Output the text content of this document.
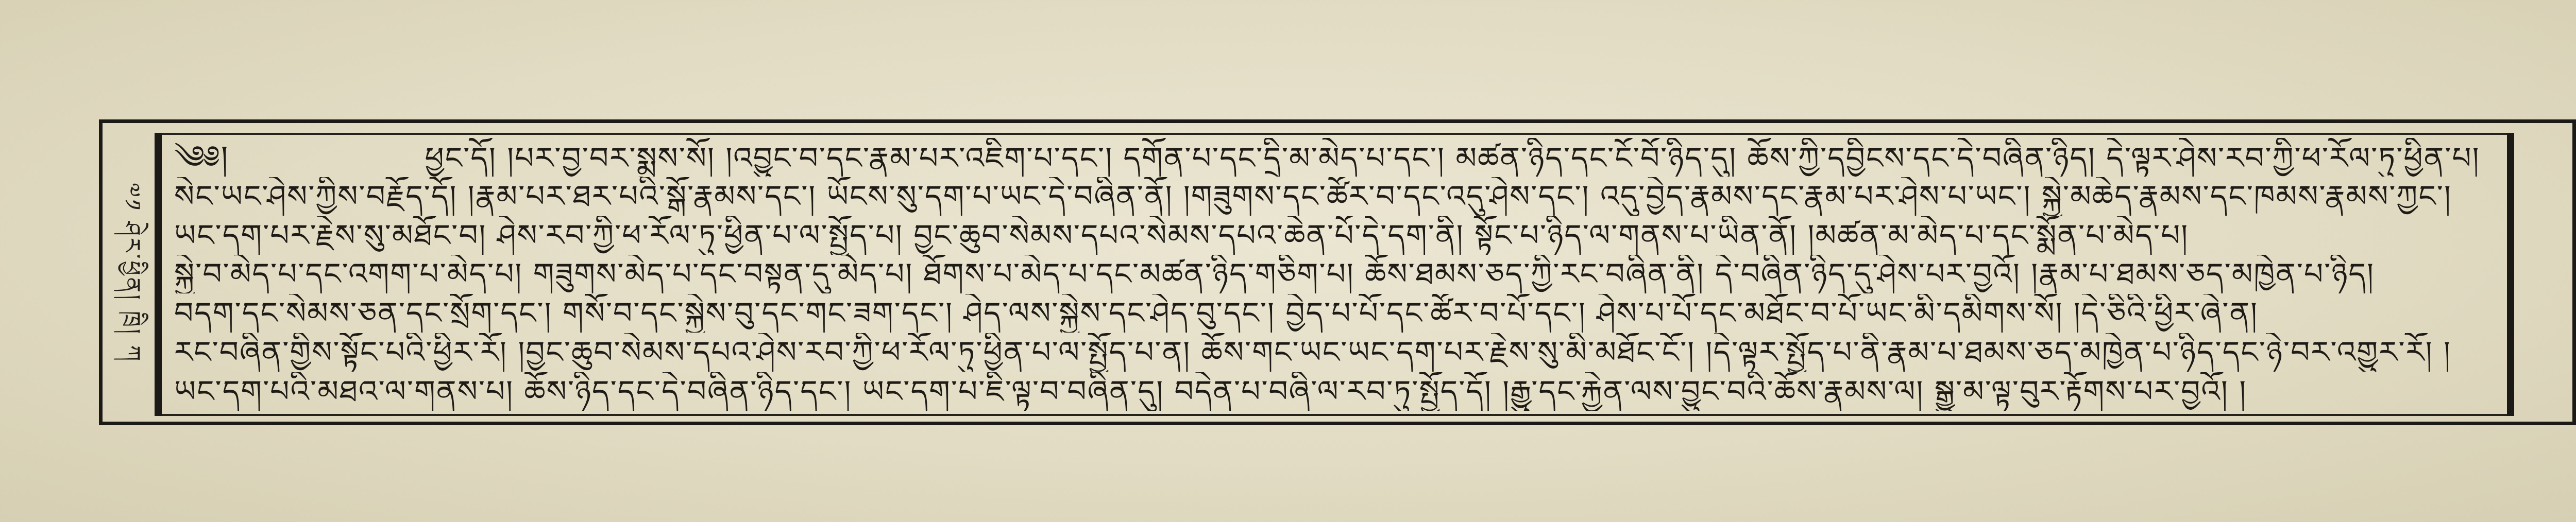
༧༡ ཤེར་ཕྱིན། ཁྲི། ཀ
༄༅།	ཕྱང་དོ། །པར་བྱ་བར་སྨྲས་སོ། །འབྱུང་བ་དང་རྣམ་པར་འཇིག་པ་དང་། དགོན་པ་དང་དྲི་མ་མེད་པ་དང་། མཚན་ཉིད་དང་ངོ་བོ་ཉིད་དུ། ཆོས་ཀྱི་དབྱིངས་དང་དེ་བཞིན་ཉིད། དེ་ལྟར་ཤེས་རབ་ཀྱི་ཕ་རོལ་ཏུ་ཕྱིན་པ།
སེང་ཡང་ཤེས་ཀྱིས་བརྗོད་དོ། །རྣམ་པར་ཐར་པའི་སྒོ་རྣམས་དང་། ཡོངས་སུ་དག་པ་ཡང་དེ་བཞིན་ནོ། །གཟུགས་དང་ཚོར་བ་དང་འདུ་ཤེས་དང་། འདུ་བྱེད་རྣམས་དང་རྣམ་པར་ཤེས་པ་ཡང་། སྐྱེ་མཆེད་རྣམས་དང་ཁམས་རྣམས་ཀྱང་།
ཡང་དག་པར་རྗེས་སུ་མཐོང་བ། ཤེས་རབ་ཀྱི་ཕ་རོལ་ཏུ་ཕྱིན་པ་ལ་སྤྱོད་པ། བྱང་ཆུབ་སེམས་དཔའ་སེམས་དཔའ་ཆེན་པོ་དེ་དག་ནི། སྟོང་པ་ཉིད་ལ་གནས་པ་ཡིན་ནོ། །མཚན་མ་མེད་པ་དང་སྨོན་པ་མེད་པ།
སྐྱེ་བ་མེད་པ་དང་འགག་པ་མེད་པ། གཟུགས་མེད་པ་དང་བསྟན་དུ་མེད་པ། ཐོགས་པ་མེད་པ་དང་མཚན་ཉིད་གཅིག་པ། ཆོས་ཐམས་ཅད་ཀྱི་རང་བཞིན་ནི། དེ་བཞིན་ཉིད་དུ་ཤེས་པར་བྱའོ། །རྣམ་པ་ཐམས་ཅད་མཁྱེན་པ་ཉིད།
བདག་དང་སེམས་ཅན་དང་སྲོག་དང་། གསོ་བ་དང་སྐྱེས་བུ་དང་གང་ཟག་དང་། ཤེད་ལས་སྐྱེས་དང་ཤེད་བུ་དང་། བྱེད་པ་པོ་དང་ཚོར་བ་པོ་དང་། ཤེས་པ་པོ་དང་མཐོང་བ་པོ་ཡང་མི་དམིགས་སོ། །དེ་ཅིའི་ཕྱིར་ཞེ་ན།
རང་བཞིན་གྱིས་སྟོང་པའི་ཕྱིར་རོ། །བྱང་ཆུབ་སེམས་དཔའ་ཤེས་རབ་ཀྱི་ཕ་རོལ་ཏུ་ཕྱིན་པ་ལ་སྤྱོད་པ་ན། ཆོས་གང་ཡང་ཡང་དག་པར་རྗེས་སུ་མི་མཐོང་ངོ་། །དེ་ལྟར་སྤྱོད་པ་ནི་རྣམ་པ་ཐམས་ཅད་མཁྱེན་པ་ཉིད་དང་ཉེ་བར་འགྱུར་རོ། །
ཡང་དག་པའི་མཐའ་ལ་གནས་པ། ཆོས་ཉིད་དང་དེ་བཞིན་ཉིད་དང་། ཡང་དག་པ་ཇི་ལྟ་བ་བཞིན་དུ། བདེན་པ་བཞི་ལ་རབ་ཏུ་སྤྱོད་དོ། །རྒྱུ་དང་རྐྱེན་ལས་བྱུང་བའི་ཆོས་རྣམས་ལ། སྒྱུ་མ་ལྟ་བུར་རྟོགས་པར་བྱའོ། །
